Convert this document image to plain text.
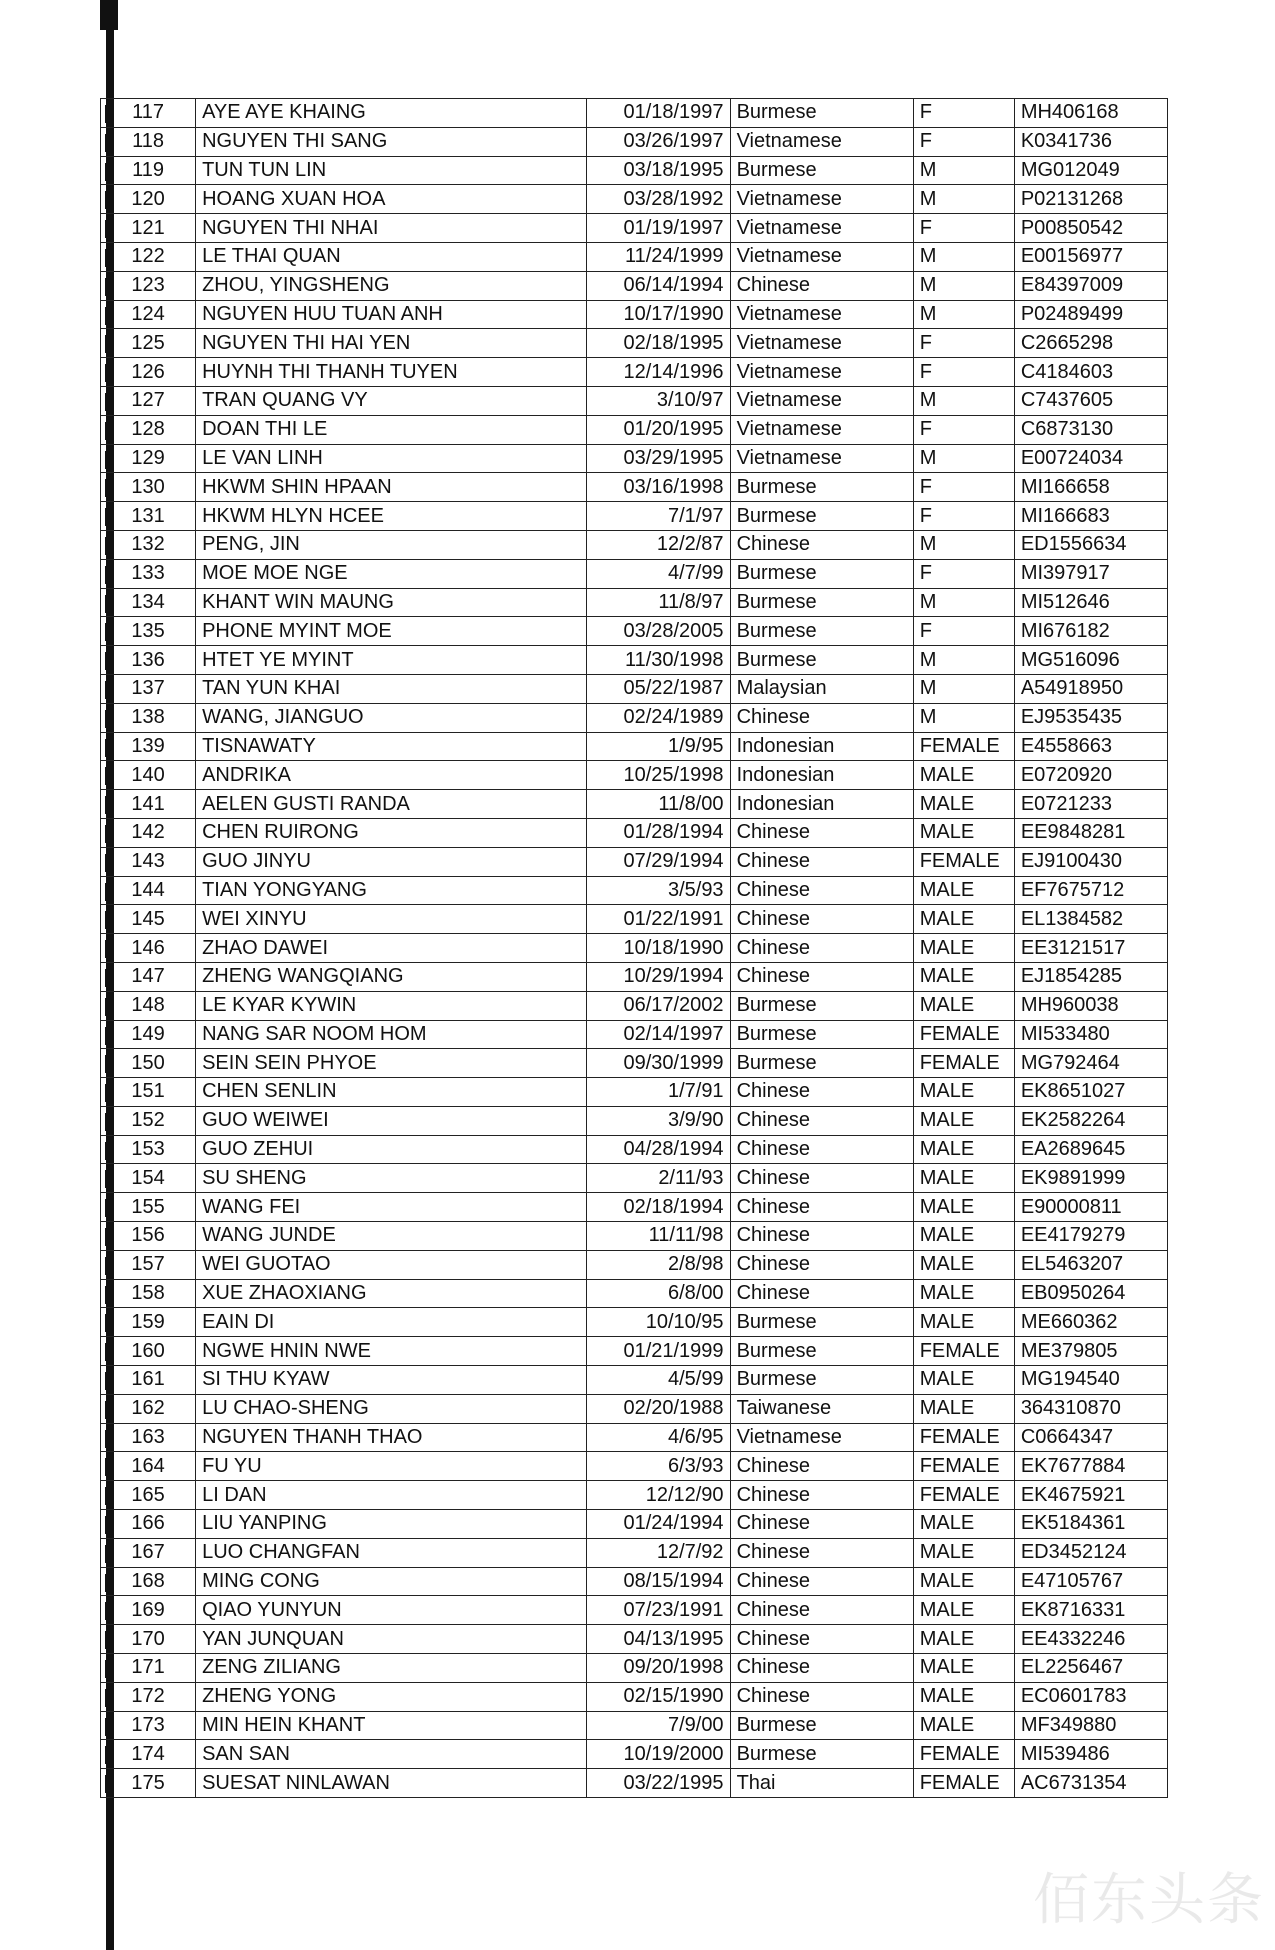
117	AYE AYE KHAING	01/18/1997	Burmese	F	MH406168

118	NGUYEN THI SANG	03/26/1997	Vietnamese	F	K0341736

119	TUN TUN LIN	03/18/1995	Burmese	M	MG012049

120	HOANG XUAN HOA	03/28/1992	Vietnamese	M	P02131268

121	NGUYEN THI NHAI	01/19/1997	Vietnamese	F	P00850542

122	LE THAI QUAN	11/24/1999	Vietnamese	M	E00156977

123	ZHOU, YINGSHENG	06/14/1994	Chinese	M	E84397009

124	NGUYEN HUU TUAN ANH	10/17/1990	Vietnamese	M	P02489499

125	NGUYEN THI HAI YEN	02/18/1995	Vietnamese	F	C2665298

126	HUYNH THI THANH TUYEN	12/14/1996	Vietnamese	F	C4184603

127	TRAN QUANG VY	3/10/97	Vietnamese	M	C7437605

128	DOAN THI LE	01/20/1995	Vietnamese	F	C6873130

129	LE VAN LINH	03/29/1995	Vietnamese	M	E00724034

130	HKWM SHIN HPAAN	03/16/1998	Burmese	F	MI166658

131	HKWM HLYN HCEE	7/1/97	Burmese	F	MI166683

132	PENG, JIN	12/2/87	Chinese	M	ED1556634

133	MOE MOE NGE	4/7/99	Burmese	F	MI397917

134	KHANT WIN MAUNG	11/8/97	Burmese	M	MI512646

135	PHONE MYINT MOE	03/28/2005	Burmese	F	MI676182

136	HTET YE MYINT	11/30/1998	Burmese	M	MG516096

137	TAN YUN KHAI	05/22/1987	Malaysian	M	A54918950

138	WANG, JIANGUO	02/24/1989	Chinese	M	EJ9535435

139	TISNAWATY	1/9/95	Indonesian	FEMALE	E4558663

140	ANDRIKA	10/25/1998	Indonesian	MALE	E0720920

141	AELEN GUSTI RANDA	11/8/00	Indonesian	MALE	E0721233

142	CHEN RUIRONG	01/28/1994	Chinese	MALE	EE9848281

143	GUO JINYU	07/29/1994	Chinese	FEMALE	EJ9100430

144	TIAN YONGYANG	3/5/93	Chinese	MALE	EF7675712

145	WEI XINYU	01/22/1991	Chinese	MALE	EL1384582

146	ZHAO DAWEI	10/18/1990	Chinese	MALE	EE3121517

147	ZHENG WANGQIANG	10/29/1994	Chinese	MALE	EJ1854285

148	LE KYAR KYWIN	06/17/2002	Burmese	MALE	MH960038

149	NANG SAR NOOM HOM	02/14/1997	Burmese	FEMALE	MI533480

150	SEIN SEIN PHYOE	09/30/1999	Burmese	FEMALE	MG792464

151	CHEN SENLIN	1/7/91	Chinese	MALE	EK8651027

152	GUO WEIWEI	3/9/90	Chinese	MALE	EK2582264

153	GUO ZEHUI	04/28/1994	Chinese	MALE	EA2689645

154	SU SHENG	2/11/93	Chinese	MALE	EK9891999

155	WANG FEI	02/18/1994	Chinese	MALE	E90000811

156	WANG JUNDE	11/11/98	Chinese	MALE	EE4179279

157	WEI GUOTAO	2/8/98	Chinese	MALE	EL5463207

158	XUE ZHAOXIANG	6/8/00	Chinese	MALE	EB0950264

159	EAIN DI	10/10/95	Burmese	MALE	ME660362

160	NGWE HNIN NWE	01/21/1999	Burmese	FEMALE	ME379805

161	SI THU KYAW	4/5/99	Burmese	MALE	MG194540

162	LU CHAO-SHENG	02/20/1988	Taiwanese	MALE	364310870

163	NGUYEN THANH THAO	4/6/95	Vietnamese	FEMALE	C0664347

164	FU YU	6/3/93	Chinese	FEMALE	EK7677884

165	LI DAN	12/12/90	Chinese	FEMALE	EK4675921

166	LIU YANPING	01/24/1994	Chinese	MALE	EK5184361

167	LUO CHANGFAN	12/7/92	Chinese	MALE	ED3452124

168	MING CONG	08/15/1994	Chinese	MALE	E47105767

169	QIAO YUNYUN	07/23/1991	Chinese	MALE	EK8716331

170	YAN JUNQUAN	04/13/1995	Chinese	MALE	EE4332246

171	ZENG ZILIANG	09/20/1998	Chinese	MALE	EL2256467

172	ZHENG YONG	02/15/1990	Chinese	MALE	EC0601783

173	MIN HEIN KHANT	7/9/00	Burmese	MALE	MF349880

174	SAN SAN	10/19/2000	Burmese	FEMALE	MI539486

175	SUESAT NINLAWAN	03/22/1995	Thai	FEMALE	AC6731354
佰东头条
